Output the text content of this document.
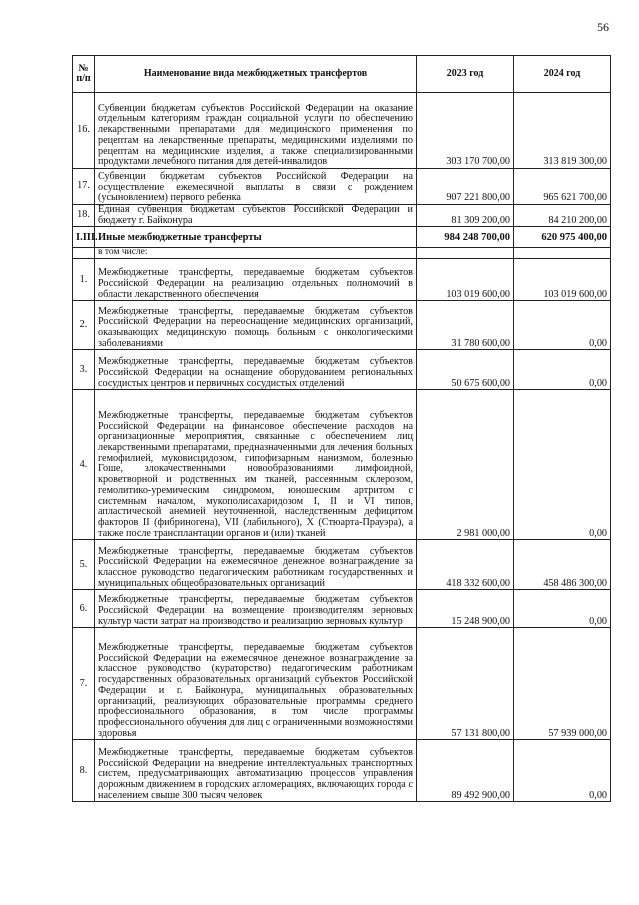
56
№ п/п	Наименование вида межбюджетных трансфертов	2023 год	2024 год
16.	Субвенции бюджетам субъектов Российской Федерации на оказание отдельным категориям граждан социальной услуги по обеспечению лекарственными препаратами для медицинского применения по рецептам на лекарственные препараты, медицинскими изделиями по рецептам на медицинские изделия, а также специализированными продуктами лечебного питания для детей-инвалидов	303 170 700,00	313 819 300,00
17.	Субвенции бюджетам субъектов Российской Федерации на осуществление ежемесячной выплаты в связи с рождением (усыновлением) первого ребенка	907 221 800,00	965 621 700,00
18.	Единая субвенция бюджетам субъектов Российской Федерации и бюджету г. Байконура	81 309 200,00	84 210 200,00
I.III.	Иные межбюджетные трансферты	984 248 700,00	620 975 400,00
	в том числе:		
1.	Межбюджетные трансферты, передаваемые бюджетам субъектов Российской Федерации на реализацию отдельных полномочий в области лекарственного обеспечения	103 019 600,00	103 019 600,00
2.	Межбюджетные трансферты, передаваемые бюджетам субъектов Российской Федерации на переоснащение медицинских организаций, оказывающих медицинскую помощь больным с онкологическими заболеваниями	31 780 600,00	0,00
3.	Межбюджетные трансферты, передаваемые бюджетам субъектов Российской Федерации на оснащение оборудованием региональных сосудистых центров и первичных сосудистых отделений	50 675 600,00	0,00
4.	Межбюджетные трансферты, передаваемые бюджетам субъектов Российской Федерации на финансовое обеспечение расходов на организационные мероприятия, связанные с обеспечением лиц лекарственными препаратами, предназначенными для лечения больных гемофилией, муковисцидозом, гипофизарным нанизмом, болезнью Гоше, злокачественными новообразованиями лимфоидной, кроветворной и родственных им тканей, рассеянным склерозом, гемолитико-уремическим синдромом, юношеским артритом с системным началом, мукополисахаридозом I, II и VI типов, апластической анемией неуточненной, наследственным дефицитом факторов II (фибриногена), VII (лабильного), X (Стюарта-Прауэра), а также после трансплантации органов и (или) тканей	2 981 000,00	0,00
5.	Межбюджетные трансферты, передаваемые бюджетам субъектов Российской Федерации на ежемесячное денежное вознаграждение за классное руководство педагогическим работникам государственных и муниципальных общеобразовательных организаций	418 332 600,00	458 486 300,00
6.	Межбюджетные трансферты, передаваемые бюджетам субъектов Российской Федерации на возмещение производителям зерновых культур части затрат на производство и реализацию зерновых культур	15 248 900,00	0,00
7.	Межбюджетные трансферты, передаваемые бюджетам субъектов Российской Федерации на ежемесячное денежное вознаграждение за классное руководство (кураторство) педагогическим работникам государственных образовательных организаций субъектов Российской Федерации и г. Байконура, муниципальных образовательных организаций, реализующих образовательные программы среднего профессионального образования, в том числе программы профессионального обучения для лиц с ограниченными возможностями здоровья	57 131 800,00	57 939 000,00
8.	Межбюджетные трансферты, передаваемые бюджетам субъектов Российской Федерации на внедрение интеллектуальных транспортных систем, предусматривающих автоматизацию процессов управления дорожным движением в городских агломерациях, включающих города с населением свыше 300 тысяч человек	89 492 900,00	0,00
